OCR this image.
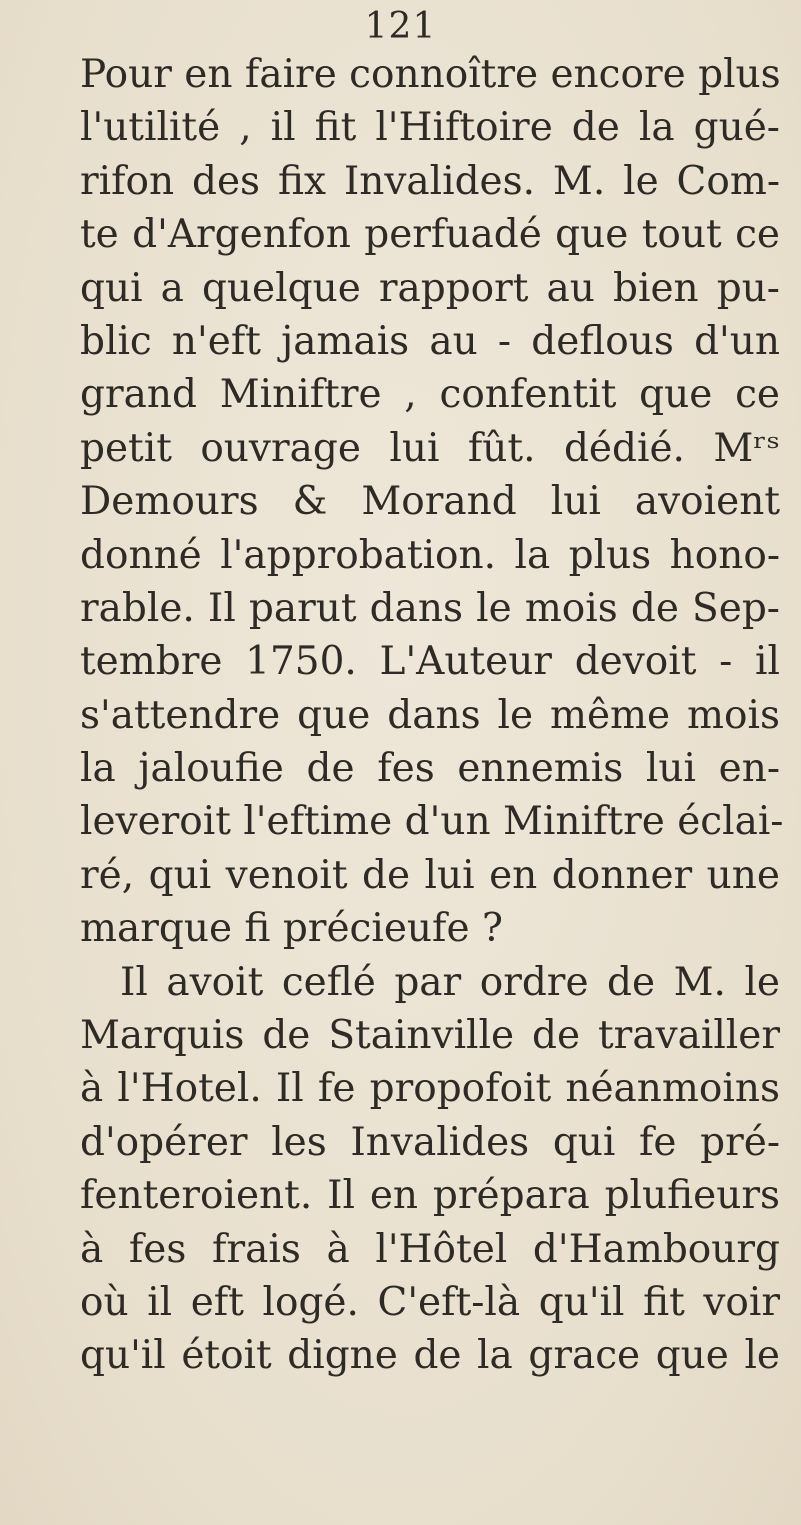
121
Pour en faire connoître encore plus
l'utilité , il fit l'Hiftoire de la gué-
rifon des fix Invalides. M. le Com-
te d'Argenfon perfuadé que tout ce
qui a quelque rapport au bien pu-
blic n'eft jamais au - deflous d'un
grand Miniftre , confentit que ce
petit ouvrage lui fût. dédié. Mʳˢ
Demours & Morand lui avoient
donné l'approbation. la plus hono-
rable. Il parut dans le mois de Sep-
tembre 1750. L'Auteur devoit - il
s'attendre que dans le même mois
la jaloufie de fes ennemis lui en-
leveroit l'eftime d'un Miniftre éclai-
ré, qui venoit de lui en donner une
marque fi précieufe ?
Il avoit ceflé par ordre de M. le
Marquis de Stainville de travailler
à l'Hotel. Il fe propofoit néanmoins
d'opérer les Invalides qui fe pré-
fenteroient. Il en prépara plufieurs
à fes frais à l'Hôtel d'Hambourg
où il eft logé. C'eft-là qu'il fit voir
qu'il étoit digne de la grace que le
